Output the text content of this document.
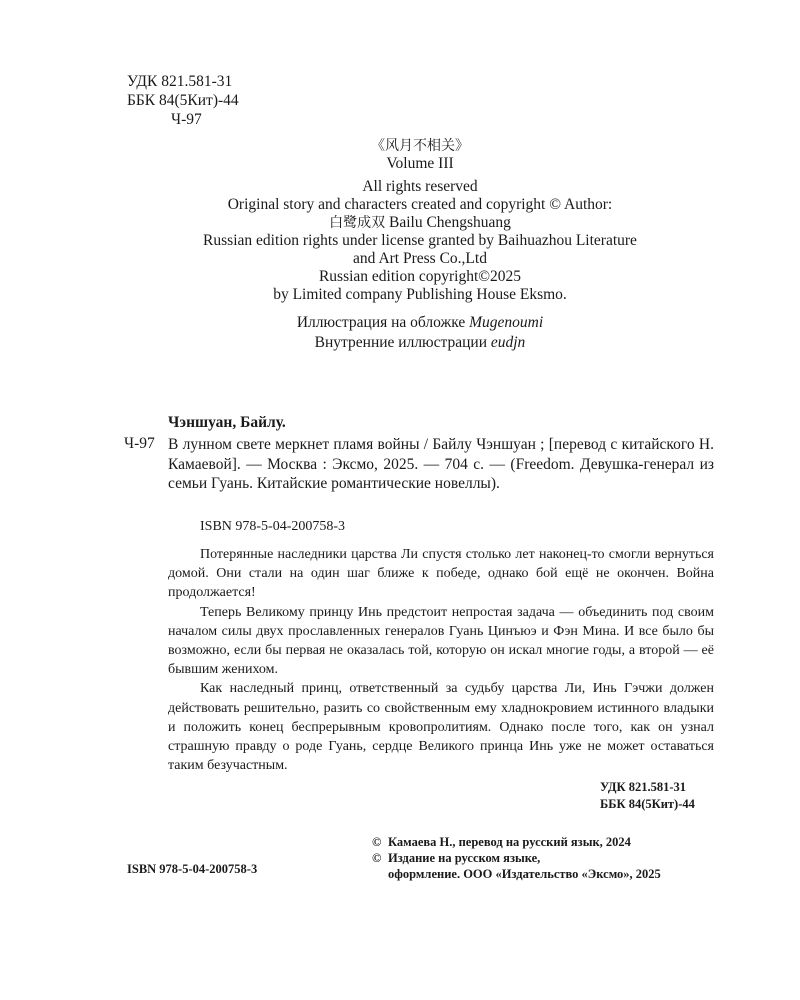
УДК 821.581-31
ББК 84(5Кит)-44
Ч-97
《风月不相关》
Volume III
All rights reserved
Original story and characters created and copyright © Author:
白鹭成双 Bailu Chengshuang
Russian edition rights under license granted by Baihuazhou Literature
and Art Press Co.,Ltd
Russian edition copyright©2025
by Limited company Publishing House Eksmo.
Иллюстрация на обложке Mugenoumi
Внутренние иллюстрации eudjn
Чэншуан, Байлу.
Ч-97 В лунном свете меркнет пламя войны / Байлу Чэншуан ; [перевод с китайского Н. Камаевой]. — Москва : Эксмо, 2025. — 704 с. — (Freedom. Девушка-генерал из семьи Гуань. Китайские романтические новеллы).
ISBN 978-5-04-200758-3

Потерянные наследники царства Ли спустя столько лет наконец-то смогли вернуться домой. Они стали на один шаг ближе к победе, однако бой ещё не окончен. Война продолжается!

Теперь Великому принцу Инь предстоит непростая задача — объединить под своим началом силы двух прославленных генералов Гуань Цинъюэ и Фэн Мина. И все было бы возможно, если бы первая не оказалась той, которую он искал многие годы, а второй — её бывшим женихом.

Как наследный принц, ответственный за судьбу царства Ли, Инь Гэчжи должен действовать решительно, разить со свойственным ему хладнокровием истинного владыки и положить конец беспрерывным кровопролитиям. Однако после того, как он узнал страшную правду о роде Гуань, сердце Великого принца Инь уже не может оставаться таким безучастным.

УДК 821.581-31
ББК 84(5Кит)-44
© Камаева Н., перевод на русский язык, 2024
© Издание на русском языке,
оформление. ООО «Издательство «Эксмо», 2025
ISBN 978-5-04-200758-3
